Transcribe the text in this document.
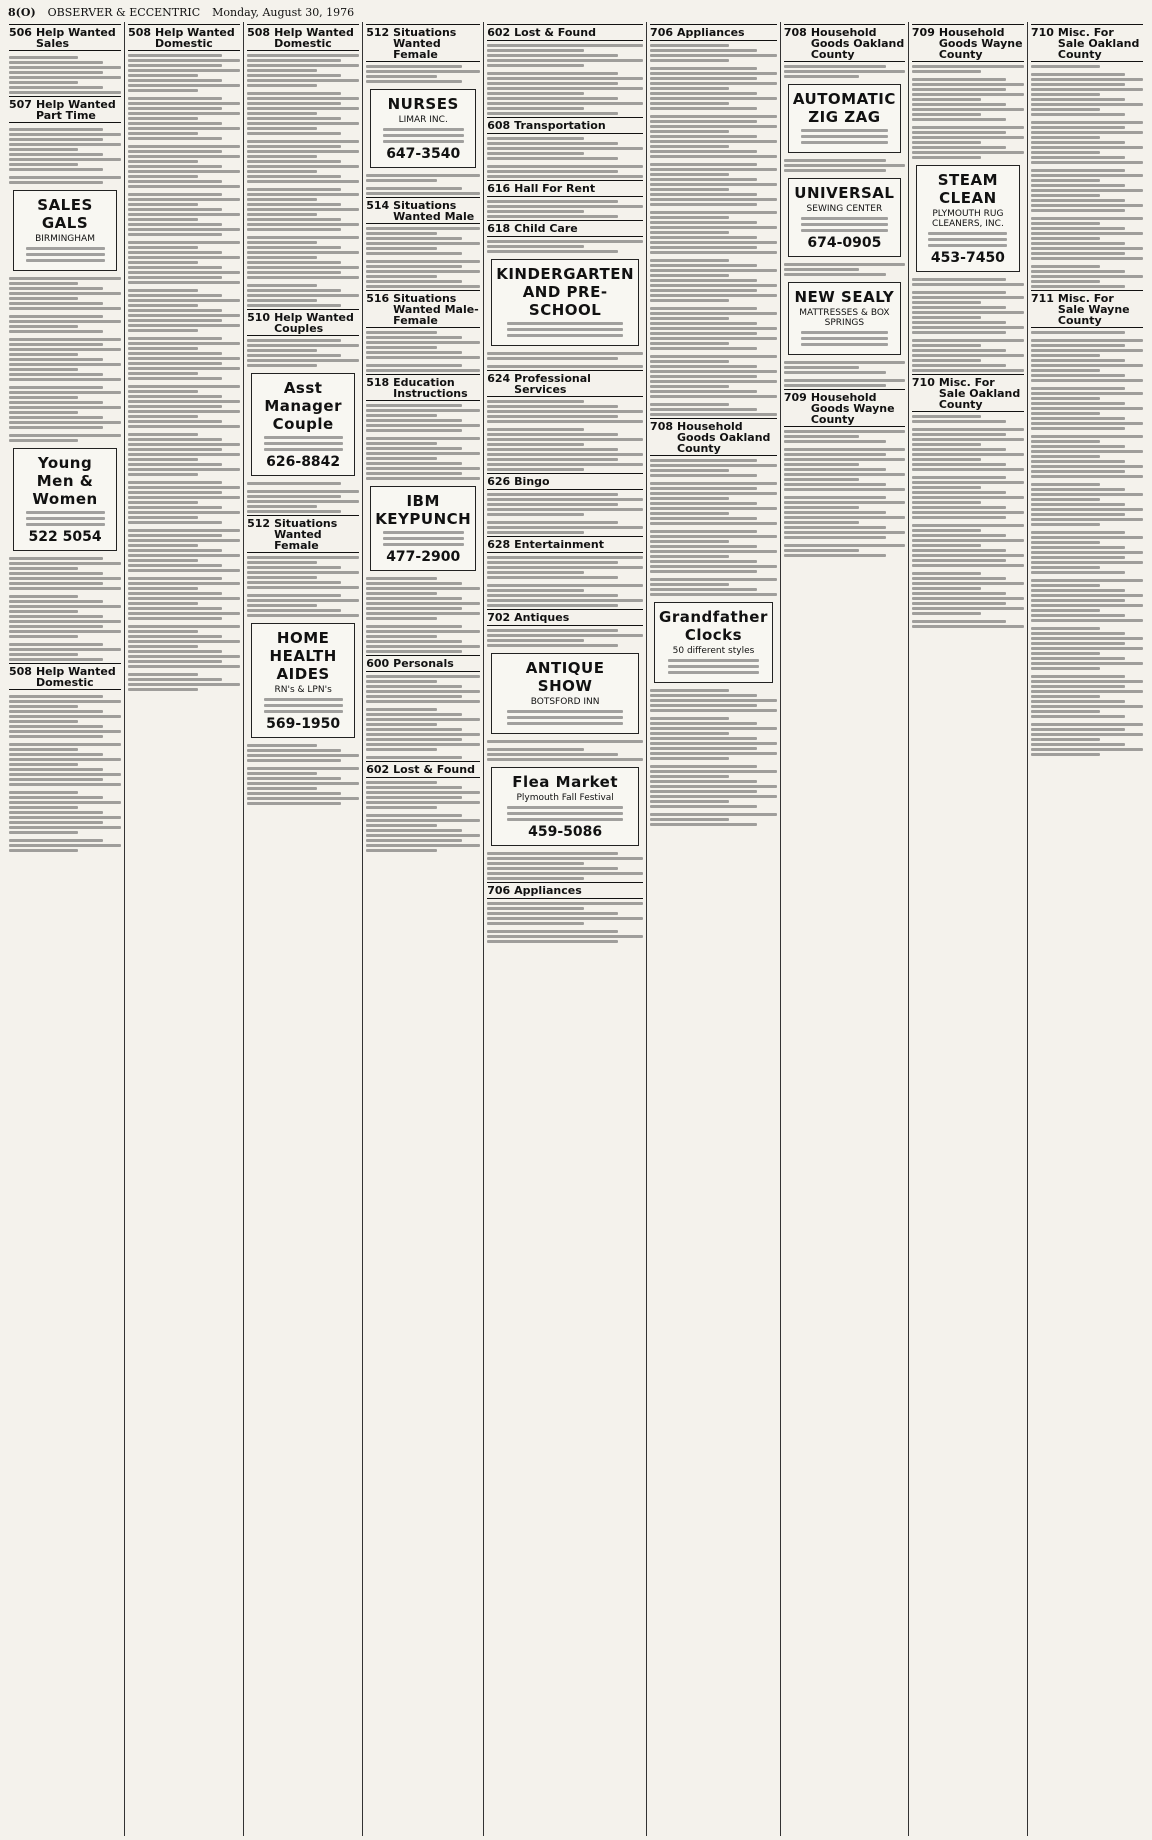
8(O) OBSERVER & ECCENTRIC Monday, August 30, 1976
506 Help Wanted Sales
507 Help Wanted Part Time
SALES GALS
BIRMINGHAM
Young Men & Women
522 5054
508 Help Wanted Domestic
508 Help Wanted Domestic
508 Help Wanted Domestic
510 Help Wanted Couples
Asst Manager Couple
626-8842
512 Situations Wanted Female
HOME HEALTH AIDES
RN's & LPN's
569-1950
512 Situations Wanted Female
NURSES
LIMAR INC.
647-3540
514 Situations Wanted Male
516 Situations Wanted Male-Female
518 Education Instructions
IBM KEYPUNCH
477-2900
600 Personals
602 Lost & Found
602 Lost & Found
608 Transportation
616 Hall For Rent
618 Child Care
KINDERGARTEN AND PRE-SCHOOL
624 Professional Services
626 Bingo
628 Entertainment
702 Antiques
ANTIQUE SHOW
BOTSFORD INN
Flea Market
Plymouth Fall Festival
459-5086
706 Appliances
706 Appliances
708 Household Goods Oakland County
Grandfather Clocks
50 different styles
708 Household Goods Oakland County
AUTOMATIC ZIG ZAG
UNIVERSAL
SEWING CENTER
674-0905
NEW SEALY
MATTRESSES & BOX SPRINGS
709 Household Goods Wayne County
709 Household Goods Wayne County
STEAM CLEAN
PLYMOUTH RUG CLEANERS, INC.
453-7450
710 Misc. For Sale Oakland County
710 Misc. For Sale Oakland County
711 Misc. For Sale Wayne County
